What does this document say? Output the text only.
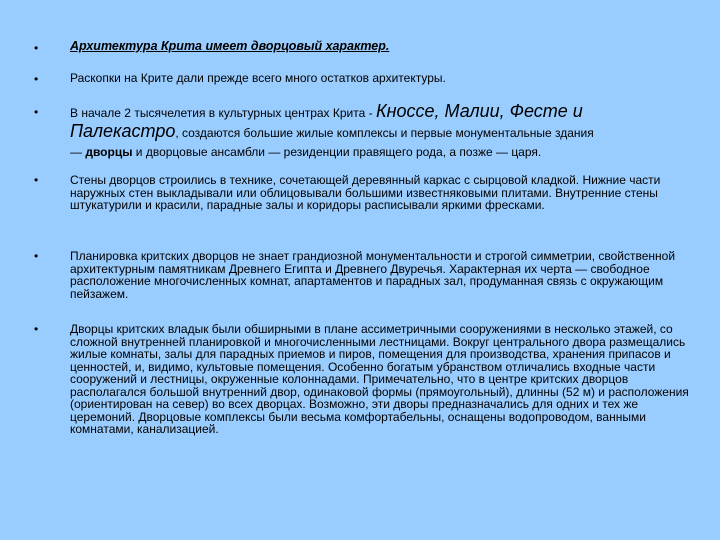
•	Архитектура Крита имеет дворцовый характер.
•	Раскопки на Крите дали прежде всего много остатков архитектуры.
•	В начале 2 тысячелетия в культурных центрах Крита - Кноссе, Малии, Фесте и
Палекастро, создаются большие жилые комплексы и первые монументальные здания
— дворцы и дворцовые ансамбли — резиденции правящего рода, а позже — царя.
•	Стены дворцов строились в технике, сочетающей деревянный каркас с сырцовой кладкой. Нижние части наружных стен выкладывали или облицовывали большими известняковыми плитами. Внутренние стены штукатурили и красили, парадные залы и коридоры расписывали яркими фресками.
•	Планировка критских дворцов не знает грандиозной монументальности и строгой симметрии, свойственной архитектурным памятникам Древнего Египта и Древнего Двуречья. Характерная их черта — свободное расположение многочисленных комнат, апартаментов и парадных зал, продуманная связь с окружающим пейзажем.
•	Дворцы критских владык были обширными в плане ассиметричными сооружениями в несколько этажей, со сложной внутренней планировкой и многочисленными лестницами. Вокруг центрального двора размещались жилые комнаты, залы для парадных приемов и пиров, помещения для производства, хранения припасов и ценностей, и, видимо, культовые помещения. Особенно богатым убранством отличались входные части сооружений и лестницы, окруженные колоннадами. Примечательно, что в центре критских дворцов располагался большой внутренний двор, одинаковой формы (прямоугольный), длинны (52 м) и расположения (ориентирован на север) во всех дворцах. Возможно, эти дворы предназначались для одних и тех же церемоний. Дворцовые комплексы были весьма комфортабельны, оснащены водопроводом, ванными комнатами, канализацией.
